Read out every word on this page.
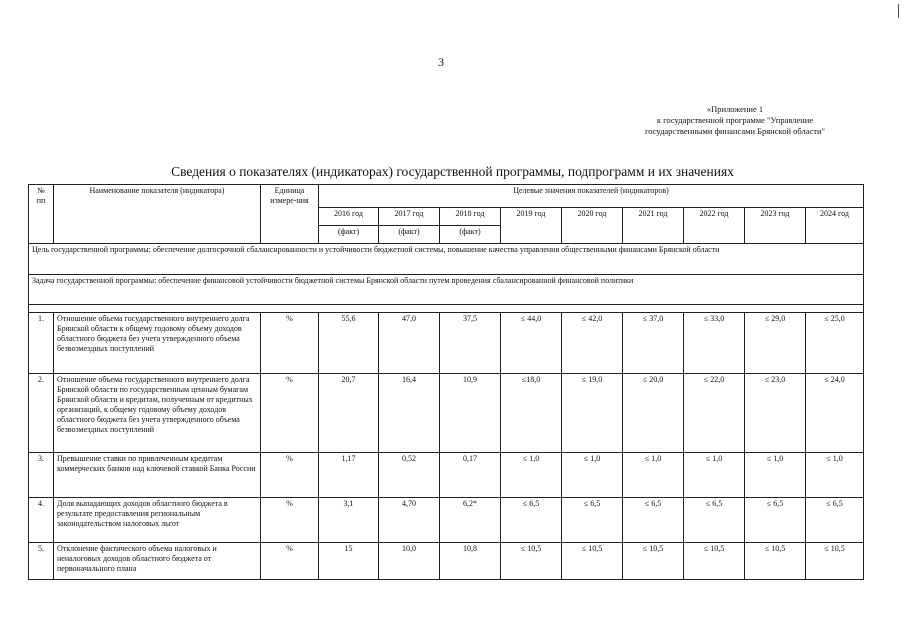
3
«Приложение 1
к государственной программе "Управление
государственными финансами Брянской области"
Сведения о показателях (индикаторах) государственной программы, подпрограмм и их значениях
№ пп	Наименование показателя (индикатора)	Единица измере-ния	Целевые значения показателей (индикаторов)								
			2016 год	2017 год	2018 год	2019 год	2020 год	2021 год	2022 год	2023 год	2024 год
			(факт)	(факт)	(факт)						
Цель государственной программы: обеспечение долгосрочной сбалансированности и устойчивости бюджетной системы, повышение качества управления общественными финансами Брянской области											
Задача государственной программы: обеспечение финансовой устойчивости бюджетной системы Брянской области путем проведения сбалансированной финансовой политики											

1.	Отношение объема государственного внутреннего долга Брянской области к общему годовому объему доходов областного бюджета без учета утвержденного объема безвозмездных поступлений	%	55,6	47,0	37,5	≤ 44,0	≤ 42,0	≤ 37,0	≤ 33,0	≤ 29,0	≤ 25,0
2.	Отношение объема государственного внутреннего долга Брянской области по государственным ценным бумагам Брянской области и кредитам, полученным от кредитных организаций, к общему годовому объему доходов областного бюджета без учета утвержденного объема безвозмездных поступлений	%	20,7	16,4	10,9	≤18,0	≤ 19,0	≤ 20,0	≤ 22,0	≤ 23,0	≤ 24,0
3.	Превышение ставки по привлеченным кредитам коммерческих банков над ключевой ставкой Банка России	%	1,17	0,52	0,17	≤ 1,0	≤ 1,0	≤ 1,0	≤ 1,0	≤ 1,0	≤ 1,0
4.	Доля выпадающих доходов областного бюджета в результате предоставления региональным законодательством налоговых льгот	%	3,1	4,70	6,2*	≤ 6,5	≤ 6,5	≤ 6,5	≤ 6,5	≤ 6,5	≤ 6,5
5.	Отклонение фактического объема налоговых и неналоговых доходов областного бюджета от первоначального плана	%	15	10,0	10,8	≤ 10,5	≤ 10,5	≤ 10,5	≤ 10,5	≤ 10,5	≤ 10,5
